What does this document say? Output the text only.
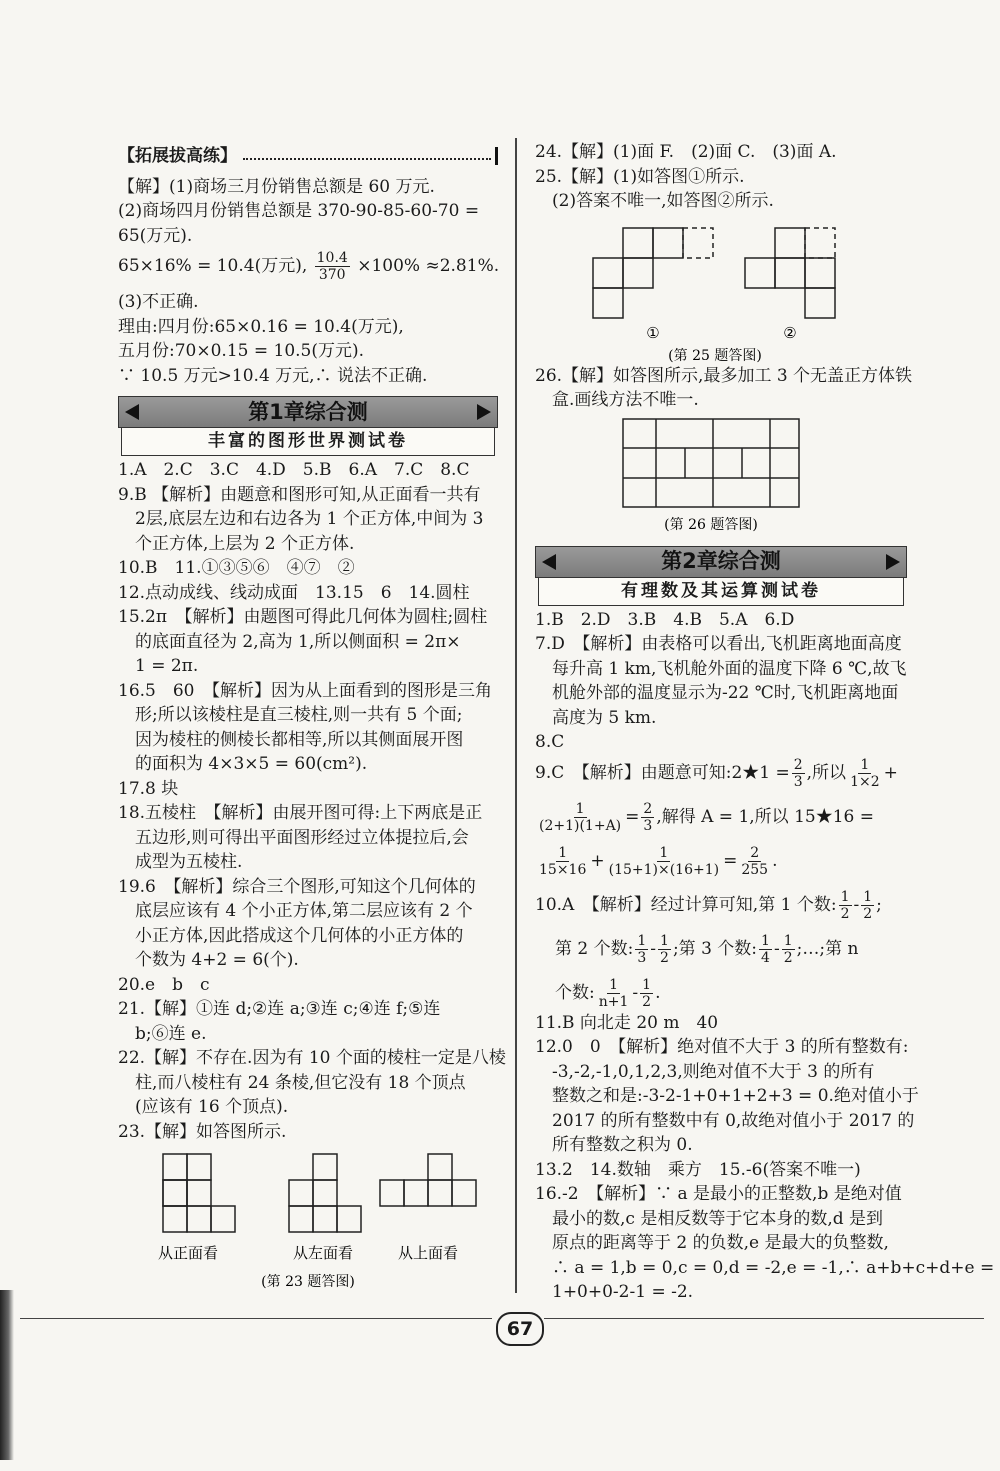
【拓展拔高练】
【解】(1)商场三月份销售总额是 60 万元.
(2)商场四月份销售总额是 370-90-85-60-70 =
65(万元).
65×16% = 10.4(万元), $\frac{10.4}{370} \times 100\% \approx 2.81\%$.
(3)不正确.
理由:四月份:65×0.16 = 10.4(万元),
五月份:70×0.15 = 10.5(万元).
∵ 10.5 万元>10.4 万元,∴ 说法不正确.
第1章综合测
丰富的图形世界测试卷
1.A　2.C　3.C　4.D　5.B　6.A　7.C　8.C
9.B 【解析】由题意和图形可知,从正面看一共有
　2层,底层左边和右边各为 1 个正方体,中间为 3
　个正方体,上层为 2 个正方体.
10.B　11.①③⑤⑥　④⑦　②
12.点动成线、线动成面　13.15　6　14.圆柱
15.2π　【解析】由题图可得此几何体为圆柱;圆柱
　的底面直径为 2,高为 1,所以侧面积 = 2π×
　1 = 2π.
16.5　60　【解析】因为从上面看到的图形是三角
　形;所以该棱柱是直三棱柱,则一共有 5 个面;
　因为棱柱的侧棱长都相等,所以其侧面展开图
　的面积为 4×3×5 = 60(cm²).
17.8 块
18.五棱柱　【解析】由展开图可得:上下两底是正
　五边形,则可得出平面图形经过立体提拉后,会
　成型为五棱柱.
19.6　【解析】综合三个图形,可知这个几何体的
　底层应该有 4 个小正方体,第二层应该有 2 个
　小正方体,因此搭成这个几何体的小正方体的
　个数为 4+2 = 6(个).
20.e　b　c
21.【解】①连 d;②连 a;③连 c;④连 f;⑤连
　b;⑥连 e.
22.【解】不存在.因为有 10 个面的棱柱一定是八棱
　柱,而八棱柱有 24 条棱,但它没有 18 个顶点
　(应该有 16 个顶点).
23.【解】如答图所示.
从正面看	从左面看	从上面看
(第 23 题答图)
24.【解】(1)面 F.　(2)面 C.　(3)面 A.
25.【解】(1)如答图①所示.
　(2)答案不唯一,如答图②所示.
①	②
(第 25 题答图)
26.【解】如答图所示,最多加工 3 个无盖正方体铁
　盒.画线方法不唯一.
(第 26 题答图)
第2章综合测
有理数及其运算测试卷
1.B　2.D　3.B　4.B　5.A　6.D
7.D　【解析】由表格可以看出,飞机距离地面高度
　每升高 1 km,飞机舱外面的温度下降 6 ℃,故飞
　机舱外部的温度显示为-22 ℃时,飞机距离地面
　高度为 5 km.
8.C
9.C　【解析】由题意可知:2★1 = $\frac{2}{3}$ ,所以 $\frac{1}{1\times 2}$ +
$\frac{1}{(2+1)(1+A)} = \frac{2}{3}$ ,解得 A = 1,所以 15★16 =
$\frac{1}{15\times 16} + \frac{1}{(15+1)\times(16+1)} = \frac{2}{255}$ .
10.A　【解析】经过计算可知,第 1 个数: $\frac{1}{2} - \frac{1}{2}$ ;
第 2 个数: $\frac{1}{3} - \frac{1}{2}$ ;第 3 个数: $\frac{1}{4} - \frac{1}{2}$ ;…;第 n
个数: $\frac{1}{n+1} - \frac{1}{2}$ .
11.B 向北走 20 m　40
12.0　0　【解析】绝对值不大于 3 的所有整数有:
　-3,-2,-1,0,1,2,3,则绝对值不大于 3 的所有
　整数之和是:-3-2-1+0+1+2+3 = 0.绝对值小于
　2017 的所有整数中有 0,故绝对值小于 2017 的
　所有整数之积为 0.
13.2　14.数轴　乘方　15.-6(答案不唯一)
16.-2　【解析】∵ a 是最小的正整数,b 是绝对值
　最小的数,c 是相反数等于它本身的数,d 是到
　原点的距离等于 2 的负数,e 是最大的负整数,
　∴ a = 1,b = 0,c = 0,d = -2,e = -1,∴ a+b+c+d+e =
　1+0+0-2-1 = -2.
67
